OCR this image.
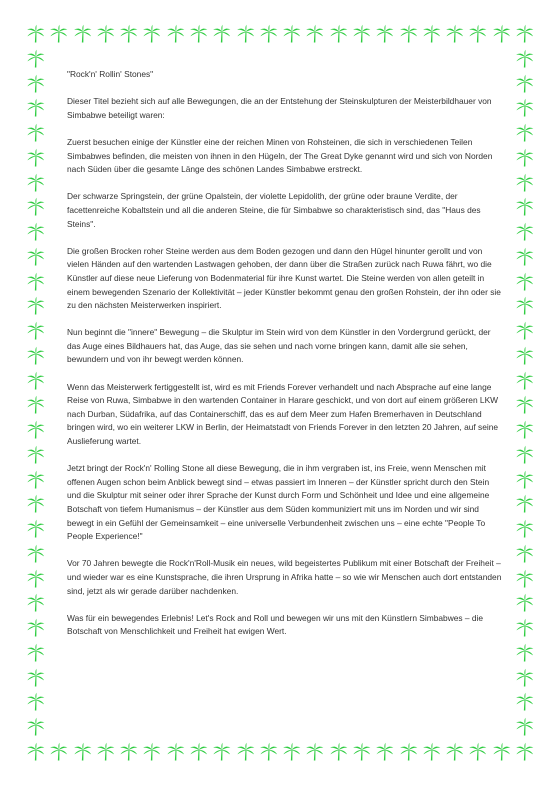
"Rock'n' Rollin' Stones"

Dieser Titel bezieht sich auf alle Bewegungen, die an der Entstehung der Steinskulpturen der Meisterbildhauer von Simbabwe beteiligt waren:

Zuerst besuchen einige der Künstler eine der reichen Minen von Rohsteinen, die sich in verschiedenen Teilen Simbabwes befinden, die meisten von ihnen in den Hügeln, der The Great Dyke genannt wird und sich von Norden nach Süden über die gesamte Länge des schönen Landes Simbabwe erstreckt.

Der schwarze Springstein, der grüne Opalstein, der violette Lepidolith, der grüne oder braune Verdite, der facettenreiche Kobaltstein und all die anderen Steine, die für Simbabwe so charakteristisch sind, das "Haus des Steins".

Die großen Brocken roher Steine werden aus dem Boden gezogen und dann den Hügel hinunter gerollt und von vielen Händen auf den wartenden Lastwagen gehoben, der dann über die Straßen zurück nach Ruwa fährt, wo die Künstler auf diese neue Lieferung von Bodenmaterial für ihre Kunst wartet. Die Steine werden von allen geteilt in einem bewegenden Szenario der Kollektivität – jeder Künstler bekommt genau den großen Rohstein, der ihn oder sie zu den nächsten Meisterwerken inspiriert.

Nun beginnt die "innere" Bewegung – die Skulptur im Stein wird von dem Künstler in den Vordergrund gerückt, der das Auge eines Bildhauers hat, das Auge, das sie sehen und nach vorne bringen kann, damit alle sie sehen, bewundern und von ihr bewegt werden können.

Wenn das Meisterwerk fertiggestellt ist, wird es mit Friends Forever verhandelt und nach Absprache auf eine lange Reise von Ruwa, Simbabwe in den wartenden Container in Harare geschickt, und von dort auf einem größeren LKW nach Durban, Südafrika, auf das Containerschiff, das es auf dem Meer zum Hafen Bremerhaven in Deutschland bringen wird, wo ein weiterer LKW in Berlin, der Heimatstadt von Friends Forever in den letzten 20 Jahren, auf seine Auslieferung wartet.

Jetzt bringt der Rock'n' Rolling Stone all diese Bewegung, die in ihm vergraben ist, ins Freie, wenn Menschen mit offenen Augen schon beim Anblick bewegt sind – etwas passiert im Inneren – der Künstler spricht durch den Stein und die Skulptur mit seiner oder ihrer Sprache der Kunst durch Form und Schönheit und Idee und eine allgemeine Botschaft von tiefem Humanismus – der Künstler aus dem Süden kommuniziert mit uns im Norden und wir sind bewegt in ein Gefühl der Gemeinsamkeit – eine universelle Verbundenheit zwischen uns – eine echte "People To People Experience!"

Vor 70 Jahren bewegte die Rock'n'Roll-Musik ein neues, wild begeistertes Publikum mit einer Botschaft der Freiheit – und wieder war es eine Kunstsprache, die ihren Ursprung in Afrika hatte – so wie wir Menschen auch dort entstanden sind, jetzt als wir gerade darüber nachdenken.

Was für ein bewegendes Erlebnis! Let's Rock and Roll und bewegen wir uns mit den Künstlern Simbabwes – die Botschaft von Menschlichkeit und Freiheit hat ewigen Wert.
